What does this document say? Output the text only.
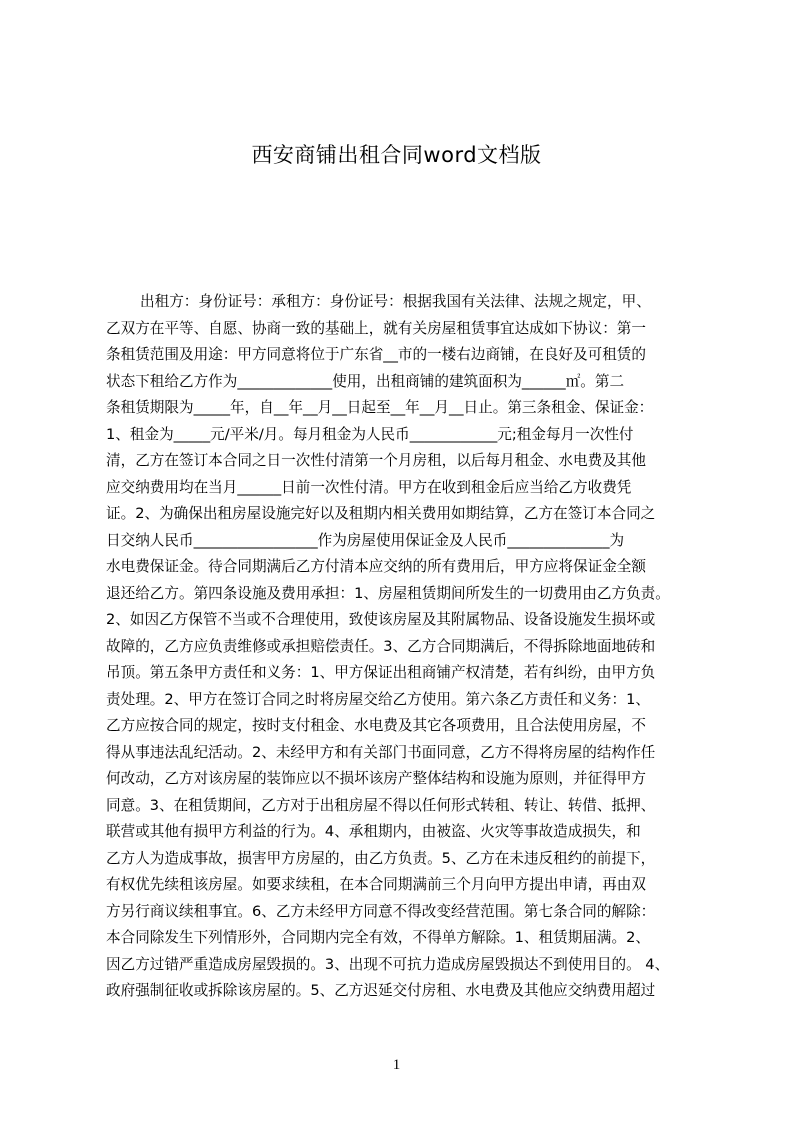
西安商铺出租合同word文档版
出租方：身份证号：承租方：身份证号：根据我国有关法律、法规之规定，甲、
乙双方在平等、自愿、协商一致的基础上，就有关房屋租赁事宜达成如下协议：第一
条租赁范围及用途：甲方同意将位于广东省__市的一楼右边商铺，在良好及可租赁的
状态下租给乙方作为_____________使用，出租商铺的建筑面积为______㎡。第二
条租赁期限为_____年，自__年__月__日起至__年__月__日止。第三条租金、保证金：
1、租金为_____元/平米/月。每月租金为人民币____________元;租金每月一次性付
清，乙方在签订本合同之日一次性付清第一个月房租，以后每月租金、水电费及其他
应交纳费用均在当月______日前一次性付清。甲方在收到租金后应当给乙方收费凭
证。2、为确保出租房屋设施完好以及租期内相关费用如期结算，乙方在签订本合同之
日交纳人民币_________________作为房屋使用保证金及人民币______________为
水电费保证金。待合同期满后乙方付清本应交纳的所有费用后，甲方应将保证金全额
退还给乙方。第四条设施及费用承担：1、房屋租赁期间所发生的一切费用由乙方负责。
2、如因乙方保管不当或不合理使用，致使该房屋及其附属物品、设备设施发生损坏或
故障的，乙方应负责维修或承担赔偿责任。3、乙方合同期满后，不得拆除地面地砖和
吊顶。第五条甲方责任和义务：1、甲方保证出租商铺产权清楚，若有纠纷，由甲方负
责处理。2、甲方在签订合同之时将房屋交给乙方使用。第六条乙方责任和义务：1、
乙方应按合同的规定，按时支付租金、水电费及其它各项费用，且合法使用房屋，不
得从事违法乱纪活动。2、未经甲方和有关部门书面同意，乙方不得将房屋的结构作任
何改动，乙方对该房屋的装饰应以不损坏该房产整体结构和设施为原则，并征得甲方
同意。3、在租赁期间，乙方对于出租房屋不得以任何形式转租、转让、转借、抵押、
联营或其他有损甲方利益的行为。4、承租期内，由被盗、火灾等事故造成损失，和
乙方人为造成事故，损害甲方房屋的，由乙方负责。5、乙方在未违反租约的前提下，
有权优先续租该房屋。如要求续租，在本合同期满前三个月向甲方提出申请，再由双
方另行商议续租事宜。6、乙方未经甲方同意不得改变经营范围。第七条合同的解除：
本合同除发生下列情形外，合同期内完全有效，不得单方解除。1、租赁期届满。2、
因乙方过错严重造成房屋毁损的。3、出现不可抗力造成房屋毁损达不到使用目的。 4、
政府强制征收或拆除该房屋的。5、乙方迟延交付房租、水电费及其他应交纳费用超过
1
